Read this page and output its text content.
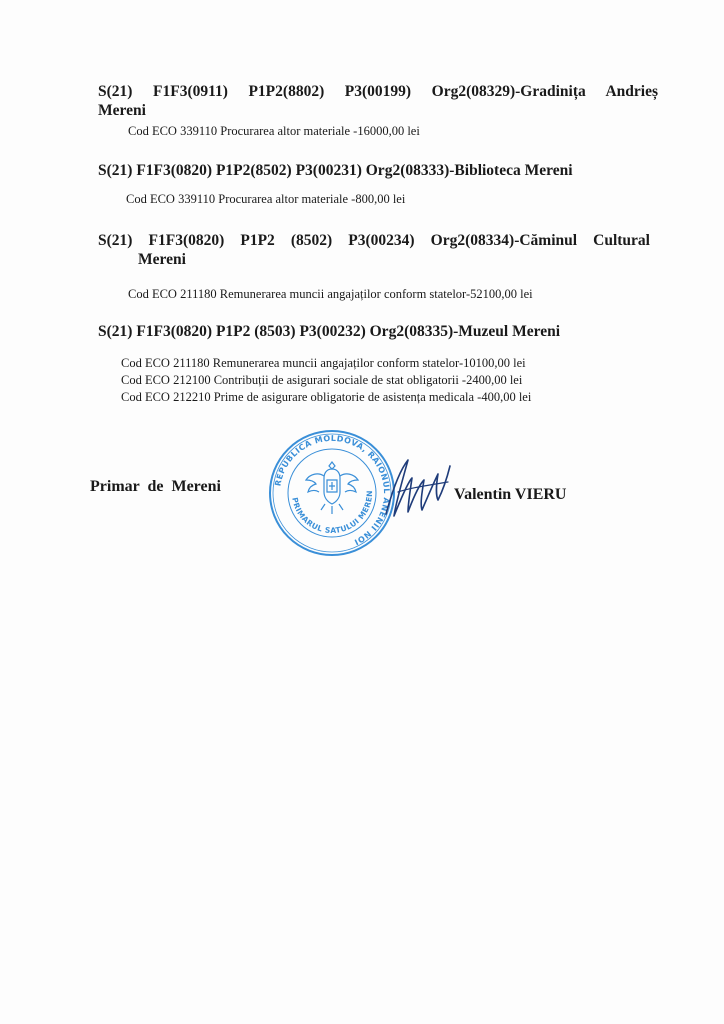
S(21) F1F3(0911) P1P2(8802) P3(00199) Org2(08329)-Gradinița Andrieș
Mereni
Cod ECO 339110 Procurarea altor materiale -16000,00 lei
S(21) F1F3(0820) P1P2(8502) P3(00231) Org2(08333)-Biblioteca Mereni
Cod ECO 339110 Procurarea altor materiale -800,00 lei
S(21) F1F3(0820) P1P2 (8502) P3(00234) Org2(08334)-Căminul Cultural
Mereni
Cod ECO 211180 Remunerarea muncii angajaților conform statelor-52100,00 lei
S(21) F1F3(0820) P1P2 (8503) P3(00232) Org2(08335)-Muzeul Mereni
Cod ECO 211180 Remunerarea muncii angajaților conform statelor-10100,00 lei
Cod ECO 212100 Contribuții de asigurari sociale de stat obligatorii -2400,00 lei
Cod ECO 212210 Prime de asigurare obligatorie de asistența medicala -400,00 lei
Primar de Mereni	REPUBLICA MOLDOVA, RAIONUL ANENII NOI
PRIMARUL SATULUI MEREN	Valentin VIERU
